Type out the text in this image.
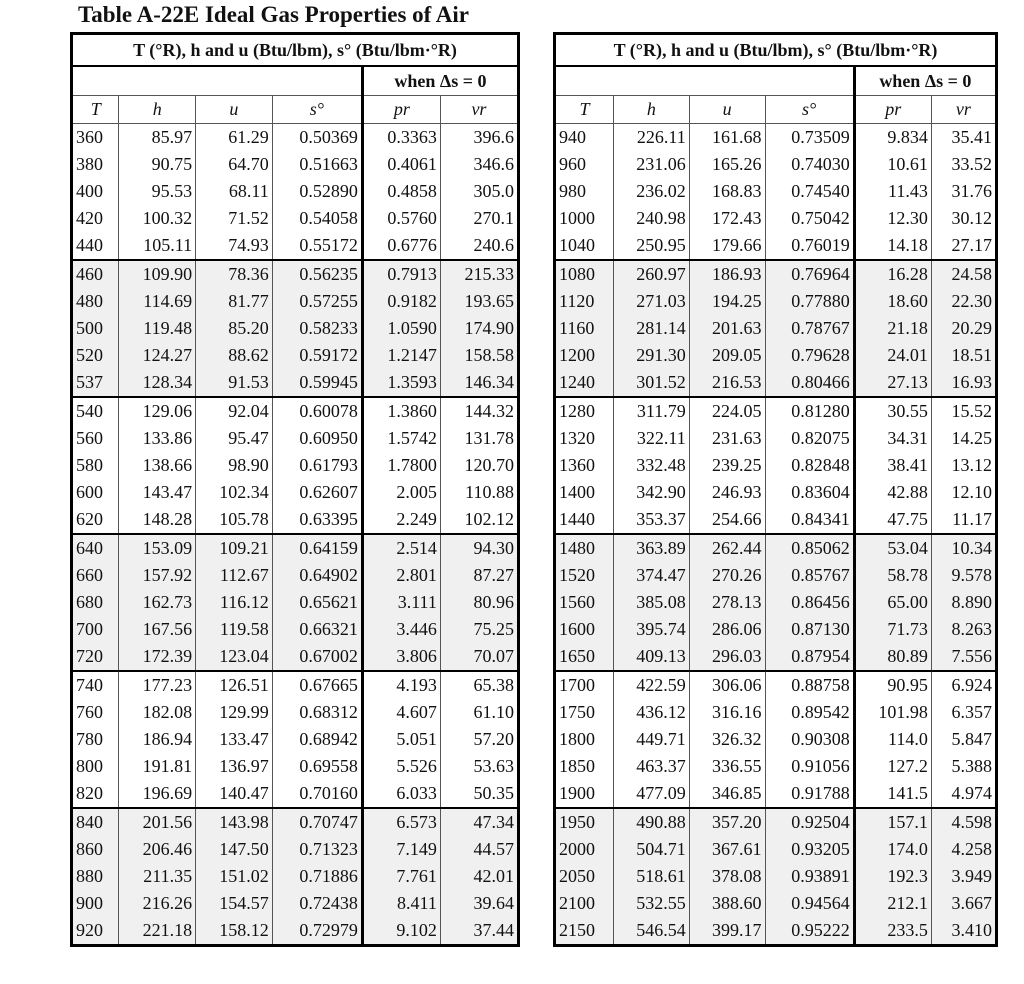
Table A-22E Ideal Gas Properties of Air
T (°R), h and u (Btu/lbm), s° (Btu/lbm·°R)					
				when Δs = 0	
T	h	u	s°	pr	vr
360	85.97	61.29	0.50369	0.3363	396.6
380	90.75	64.70	0.51663	0.4061	346.6
400	95.53	68.11	0.52890	0.4858	305.0
420	100.32	71.52	0.54058	0.5760	270.1
440	105.11	74.93	0.55172	0.6776	240.6
460	109.90	78.36	0.56235	0.7913	215.33
480	114.69	81.77	0.57255	0.9182	193.65
500	119.48	85.20	0.58233	1.0590	174.90
520	124.27	88.62	0.59172	1.2147	158.58
537	128.34	91.53	0.59945	1.3593	146.34
540	129.06	92.04	0.60078	1.3860	144.32
560	133.86	95.47	0.60950	1.5742	131.78
580	138.66	98.90	0.61793	1.7800	120.70
600	143.47	102.34	0.62607	2.005	110.88
620	148.28	105.78	0.63395	2.249	102.12
640	153.09	109.21	0.64159	2.514	94.30
660	157.92	112.67	0.64902	2.801	87.27
680	162.73	116.12	0.65621	3.111	80.96
700	167.56	119.58	0.66321	3.446	75.25
720	172.39	123.04	0.67002	3.806	70.07
740	177.23	126.51	0.67665	4.193	65.38
760	182.08	129.99	0.68312	4.607	61.10
780	186.94	133.47	0.68942	5.051	57.20
800	191.81	136.97	0.69558	5.526	53.63
820	196.69	140.47	0.70160	6.033	50.35
840	201.56	143.98	0.70747	6.573	47.34
860	206.46	147.50	0.71323	7.149	44.57
880	211.35	151.02	0.71886	7.761	42.01
900	216.26	154.57	0.72438	8.411	39.64
920	221.18	158.12	0.72979	9.102	37.44
T (°R), h and u (Btu/lbm), s° (Btu/lbm·°R)					
				when Δs = 0	
T	h	u	s°	pr	vr
940	226.11	161.68	0.73509	9.834	35.41
960	231.06	165.26	0.74030	10.61	33.52
980	236.02	168.83	0.74540	11.43	31.76
1000	240.98	172.43	0.75042	12.30	30.12
1040	250.95	179.66	0.76019	14.18	27.17
1080	260.97	186.93	0.76964	16.28	24.58
1120	271.03	194.25	0.77880	18.60	22.30
1160	281.14	201.63	0.78767	21.18	20.29
1200	291.30	209.05	0.79628	24.01	18.51
1240	301.52	216.53	0.80466	27.13	16.93
1280	311.79	224.05	0.81280	30.55	15.52
1320	322.11	231.63	0.82075	34.31	14.25
1360	332.48	239.25	0.82848	38.41	13.12
1400	342.90	246.93	0.83604	42.88	12.10
1440	353.37	254.66	0.84341	47.75	11.17
1480	363.89	262.44	0.85062	53.04	10.34
1520	374.47	270.26	0.85767	58.78	9.578
1560	385.08	278.13	0.86456	65.00	8.890
1600	395.74	286.06	0.87130	71.73	8.263
1650	409.13	296.03	0.87954	80.89	7.556
1700	422.59	306.06	0.88758	90.95	6.924
1750	436.12	316.16	0.89542	101.98	6.357
1800	449.71	326.32	0.90308	114.0	5.847
1850	463.37	336.55	0.91056	127.2	5.388
1900	477.09	346.85	0.91788	141.5	4.974
1950	490.88	357.20	0.92504	157.1	4.598
2000	504.71	367.61	0.93205	174.0	4.258
2050	518.61	378.08	0.93891	192.3	3.949
2100	532.55	388.60	0.94564	212.1	3.667
2150	546.54	399.17	0.95222	233.5	3.410
